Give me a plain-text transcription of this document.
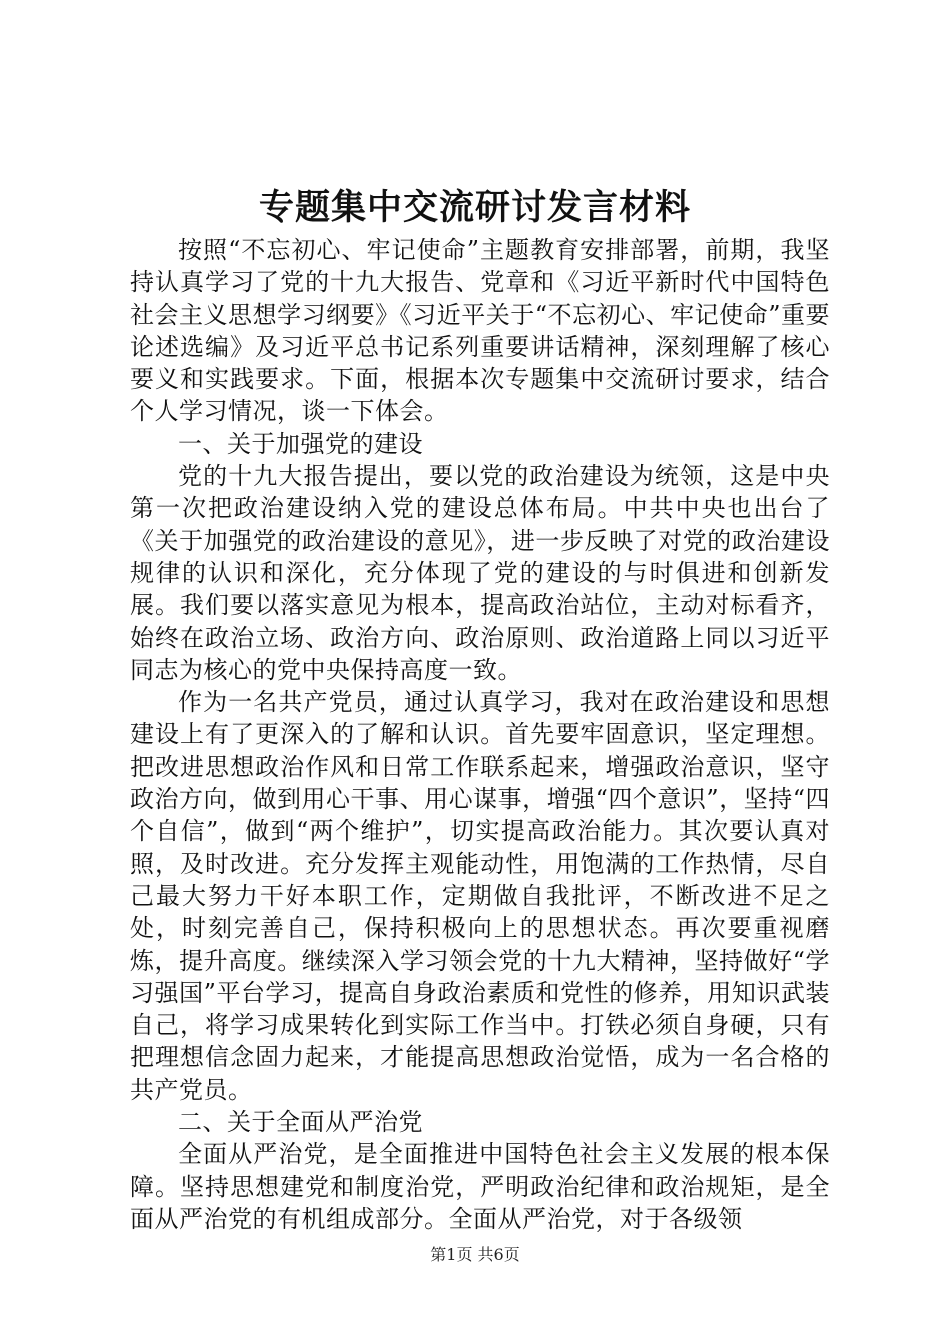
专题集中交流研讨发言材料

按照“不忘初心、牢记使命”主题教育安排部署，前期，我坚持认真学习了党的十九大报告、党章和《习近平新时代中国特色社会主义思想学习纲要》《习近平关于“不忘初心、牢记使命”重要论述选编》及习近平总书记系列重要讲话精神，深刻理解了核心要义和实践要求。下面，根据本次专题集中交流研讨要求，结合个人学习情况，谈一下体会。

一、关于加强党的建设

党的十九大报告提出，要以党的政治建设为统领，这是中央第一次把政治建设纳入党的建设总体布局。中共中央也出台了《关于加强党的政治建设的意见》，进一步反映了对党的政治建设规律的认识和深化，充分体现了党的建设的与时俱进和创新发展。我们要以落实意见为根本，提高政治站位，主动对标看齐，始终在政治立场、政治方向、政治原则、政治道路上同以习近平同志为核心的党中央保持高度一致。

作为一名共产党员，通过认真学习，我对在政治建设和思想建设上有了更深入的了解和认识。首先要牢固意识，坚定理想。把改进思想政治作风和日常工作联系起来，增强政治意识，坚守政治方向，做到用心干事、用心谋事，增强“四个意识”，坚持“四个自信”，做到“两个维护”，切实提高政治能力。其次要认真对照，及时改进。充分发挥主观能动性，用饱满的工作热情，尽自己最大努力干好本职工作，定期做自我批评，不断改进不足之处，时刻完善自己，保持积极向上的思想状态。再次要重视磨炼，提升高度。继续深入学习领会党的十九大精神，坚持做好“学习强国”平台学习，提高自身政治素质和党性的修养，用知识武装自己，将学习成果转化到实际工作当中。打铁必须自身硬，只有把理想信念固力起来，才能提高思想政治觉悟，成为一名合格的共产党员。

二、关于全面从严治党

全面从严治党，是全面推进中国特色社会主义发展的根本保障。坚持思想建党和制度治党，严明政治纪律和政治规矩，是全面从严治党的有机组成部分。全面从严治党，对于各级领

第1页 共6页
